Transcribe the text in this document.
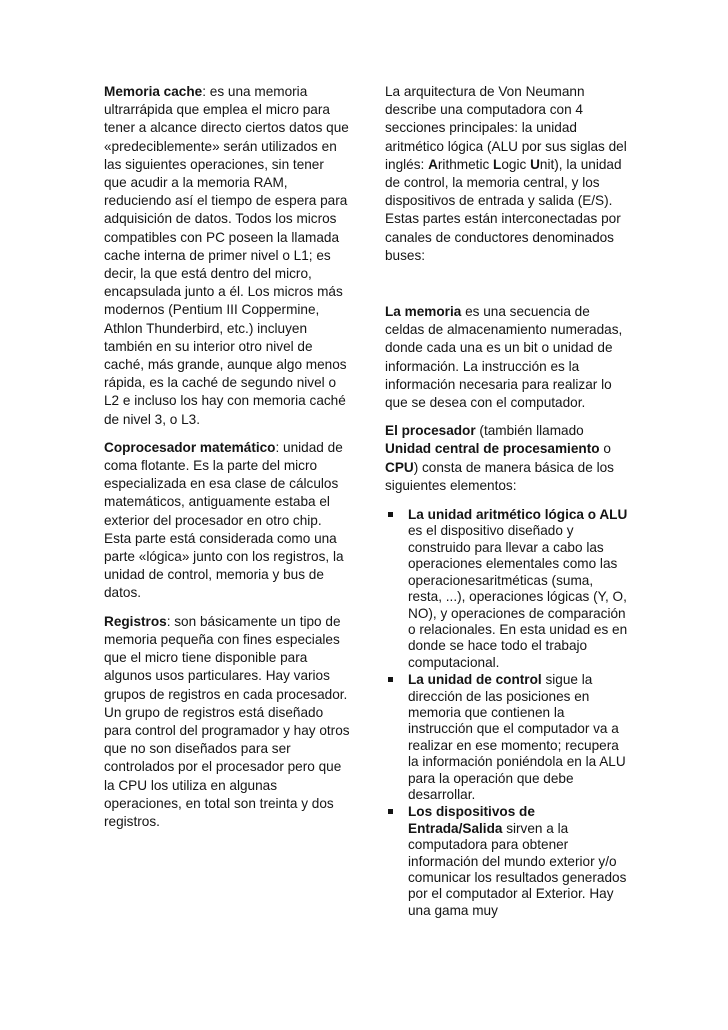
Memoria cache: es una memoria ultrarrápida que emplea el micro para tener a alcance directo ciertos datos que «predeciblemente» serán utilizados en las siguientes operaciones, sin tener que acudir a la memoria RAM, reduciendo así el tiempo de espera para adquisición de datos. Todos los micros compatibles con PC poseen la llamada cache interna de primer nivel o L1; es decir, la que está dentro del micro, encapsulada junto a él. Los micros más modernos (Pentium III Coppermine, Athlon Thunderbird, etc.) incluyen también en su interior otro nivel de caché, más grande, aunque algo menos rápida, es la caché de segundo nivel o L2 e incluso los hay con memoria caché de nivel 3, o L3.

Coprocesador matemático: unidad de coma flotante. Es la parte del micro especializada en esa clase de cálculos matemáticos, antiguamente estaba el exterior del procesador en otro chip. Esta parte está considerada como una parte «lógica» junto con los registros, la unidad de control, memoria y bus de datos.

Registros: son básicamente un tipo de memoria pequeña con fines especiales que el micro tiene disponible para algunos usos particulares. Hay varios grupos de registros en cada procesador. Un grupo de registros está diseñado para control del programador y hay otros que no son diseñados para ser controlados por el procesador pero que la CPU los utiliza en algunas operaciones, en total son treinta y dos registros.

La arquitectura de Von Neumann describe una computadora con 4 secciones principales: la unidad aritmético lógica (ALU por sus siglas del inglés: Arithmetic Logic Unit), la unidad de control, la memoria central, y los dispositivos de entrada y salida (E/S). Estas partes están interconectadas por canales de conductores denominados buses:

La memoria es una secuencia de celdas de almacenamiento numeradas, donde cada una es un bit o unidad de información. La instrucción es la información necesaria para realizar lo que se desea con el computador.

El procesador (también llamado Unidad central de procesamiento o CPU) consta de manera básica de los siguientes elementos:

La unidad aritmético lógica o ALU es el dispositivo diseñado y construido para llevar a cabo las operaciones elementales como las operacionesaritméticas (suma, resta, ...), operaciones lógicas (Y, O, NO), y operaciones de comparación o relacionales. En esta unidad es en donde se hace todo el trabajo computacional.
La unidad de control sigue la dirección de las posiciones en memoria que contienen la instrucción que el computador va a realizar en ese momento; recupera la información poniéndola en la ALU para la operación que debe desarrollar.
Los dispositivos de Entrada/Salida sirven a la computadora para obtener información del mundo exterior y/o comunicar los resultados generados por el computador al Exterior. Hay una gama muy
